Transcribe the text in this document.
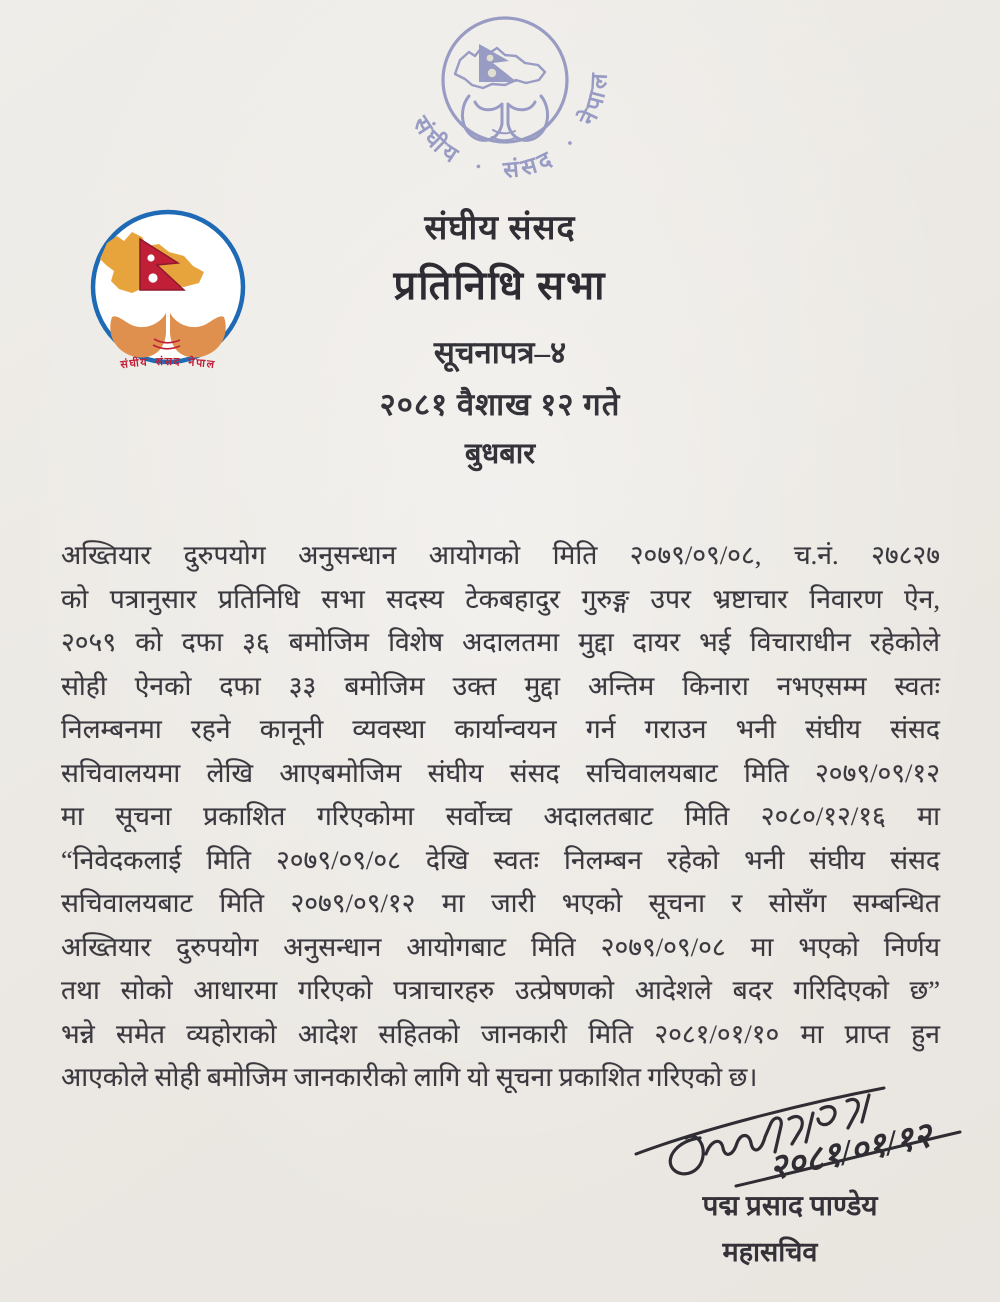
संघीय · संसद · नेपाल
संघीय संसद नेपाल
संघीय संसद
प्रतिनिधि सभा
सूचनापत्र–४
२०८१ वैशाख १२ गते
बुधबार
अख्तियार दुरुपयोग अनुसन्धान आयोगको मिति २०७९/०९/०८, च.नं. २७८२७
को पत्रानुसार प्रतिनिधि सभा सदस्य टेकबहादुर गुरुङ्ग उपर भ्रष्टाचार निवारण ऐन,
२०५९ को दफा ३६ बमोजिम विशेष अदालतमा मुद्दा दायर भई विचाराधीन रहेकोले
सोही ऐनको दफा ३३ बमोजिम उक्त मुद्दा अन्तिम किनारा नभएसम्म स्वतः
निलम्बनमा रहने कानूनी व्यवस्था कार्यान्वयन गर्न गराउन भनी संघीय संसद
सचिवालयमा लेखि आएबमोजिम संघीय संसद सचिवालयबाट मिति २०७९/०९/१२
मा सूचना प्रकाशित गरिएकोमा सर्वोच्च अदालतबाट मिति २०८०/१२/१६ मा
“निवेदकलाई मिति २०७९/०९/०८ देखि स्वतः निलम्बन रहेको भनी संघीय संसद
सचिवालयबाट मिति २०७९/०९/१२ मा जारी भएको सूचना र सोसँग सम्बन्धित
अख्तियार दुरुपयोग अनुसन्धान आयोगबाट मिति २०७९/०९/०८ मा भएको निर्णय
तथा सोको आधारमा गरिएको पत्राचारहरु उत्प्रेषणको आदेशले बदर गरिदिएको छ”
भन्ने समेत व्यहोराको आदेश सहितको जानकारी मिति २०८१/०१/१० मा प्राप्त हुन
आएकोले सोही बमोजिम जानकारीको लागि यो सूचना प्रकाशित गरिएको छ।
२०८१/०१/१२
पद्म प्रसाद पाण्डेय
महासचिव
